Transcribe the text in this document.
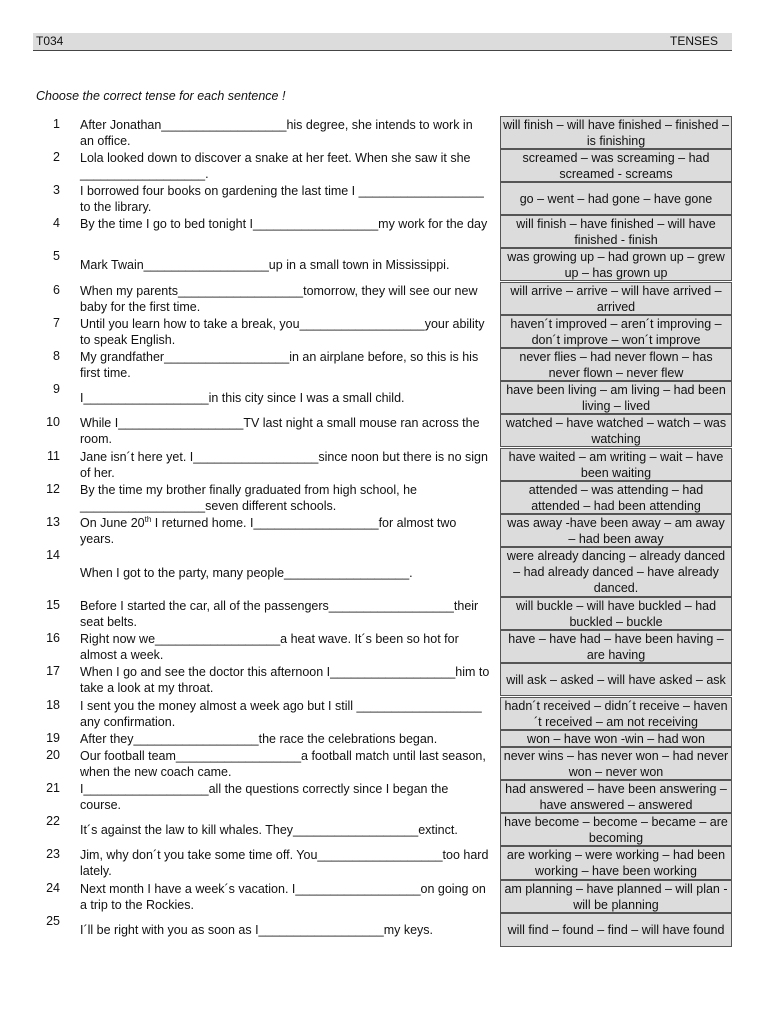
T034	TENSES
Choose the correct tense for each sentence !
1 After Jonathan__________________his degree, she intends to work in an office.
will finish – will have finished – finished – is finishing
2 Lola looked down to discover a snake at her feet. When she saw it she __________________.
screamed – was screaming – had screamed - screams
3 I borrowed four books on gardening the last time I __________________ to the library.
go – went – had gone – have gone
4 By the time I go to bed tonight I__________________my work for the day	will finish – have finished – will have finished - finish
5
Mark Twain__________________up in a small town in Mississippi.
was growing up – had grown up – grew up – has grown up
6 When my parents__________________tomorrow, they will see our new baby for the first time.
will arrive – arrive – will have arrived – arrived
7 Until you learn how to take a break, you__________________your ability to speak English.
haven´t improved – aren´t improving – don´t improve – won´t improve
8 My grandfather__________________in an airplane before, so this is his first time.
never flies – had never flown – has never flown – never flew
9
I__________________in this city since I was a small child.
have been living – am living – had been living – lived
10 While I__________________TV last night a small mouse ran across the room.
watched – have watched – watch – was watching
11 Jane isn´t here yet. I__________________since noon but there is no sign of her.
have waited – am writing – wait – have been waiting
12 By the time my brother finally graduated from high school, he __________________seven different schools.
attended – was attending – had attended – had been attending
13 On June 20th I returned home. I__________________for almost two years.
was away -have been away – am away – had been away
14
When I got to the party, many people__________________.
were already dancing – already danced – had already danced – have already danced.
15 Before I started the car, all of the passengers__________________their seat belts.
will buckle – will have buckled – had buckled – buckle
16 Right now we__________________a heat wave. It´s been so hot for almost a week.
have – have had – have been having – are having
17 When I go and see the doctor this afternoon I__________________him to take a look at my throat.
will ask – asked – will have asked – ask
18 I sent you the money almost a week ago but I still __________________ any confirmation.
hadn´t received – didn´t receive – haven´t received – am not receiving
19 After they__________________the race the celebrations began.	won – have won -win – had won
20 Our football team__________________a football match until last season, when the new coach came.
never wins – has never won – had never won – never won
21 I__________________all the questions correctly since I began the course.
had answered – have been answering – have answered – answered
22
It´s against the law to kill whales. They__________________extinct.
have become – become – became – are becoming
23 Jim, why don´t you take some time off. You__________________too hard lately.
are working – were working – had been working – have been working
24 Next month I have a week´s vacation. I__________________on going on a trip to the Rockies.
am planning – have planned – will plan -will be planning
25
I´ll be right with you as soon as I__________________my keys.	will find – found – find – will have found
